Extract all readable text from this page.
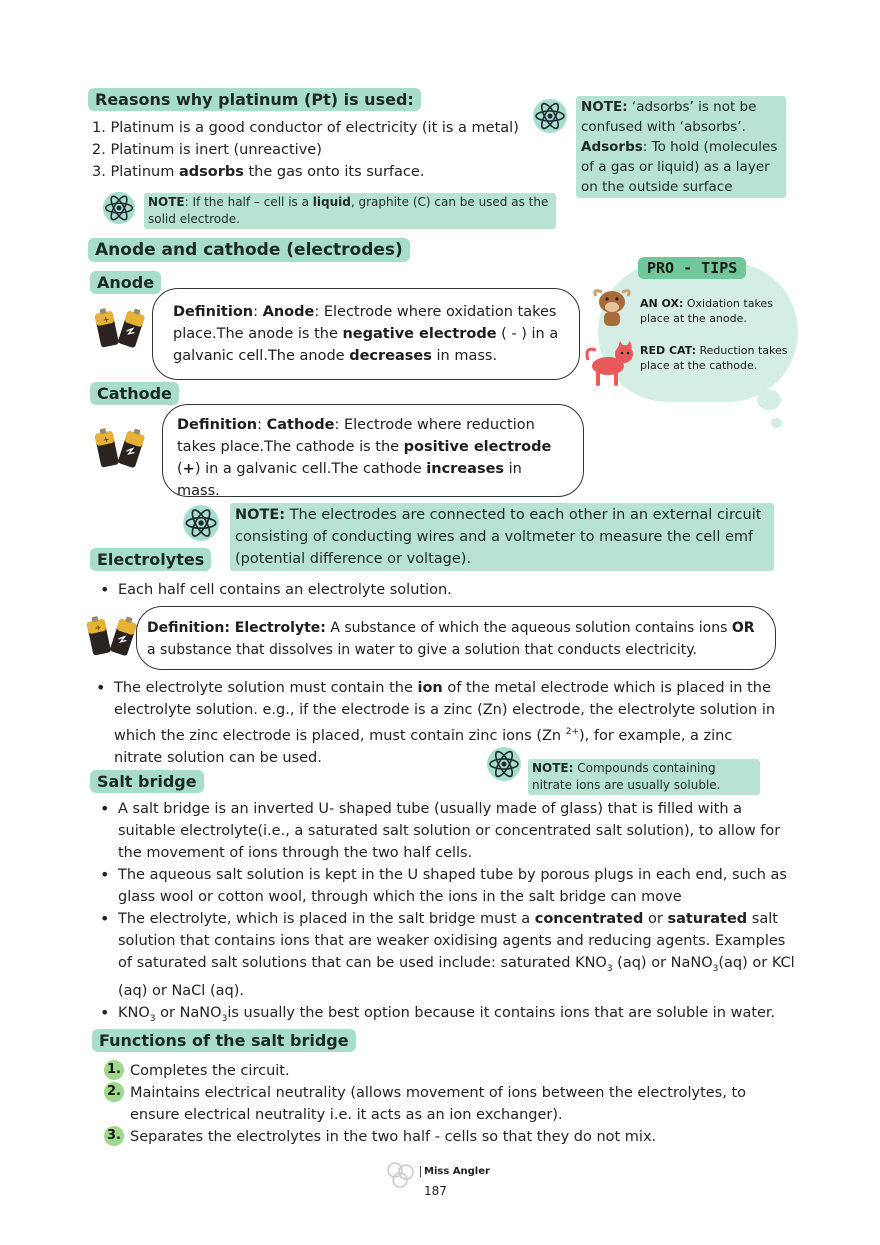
Reasons why platinum (Pt) is used:
1. Platinum is a good conductor of electricity (it is a metal)
2. Platinum is inert (unreactive)
3. Platinum adsorbs the gas onto its surface.
NOTE: ‘adsorbs’ is not be confused with ‘absorbs’. Adsorbs: To hold (molecules of a gas or liquid) as a layer on the outside surface
NOTE: If the half – cell is a liquid, graphite (C) can be used as the solid electrode.
Anode and cathode (electrodes)
Anode
+	Definition: Anode: Electrode where oxidation takes place.The anode is the negative electrode ( - ) in a galvanic cell.The anode decreases in mass.
PRO - TIPS
AN OX: Oxidation takes place at the anode.
RED CAT: Reduction takes place at the cathode.
Cathode
+
Definition: Cathode: Electrode where reduction takes place.The cathode is the positive electrode (+) in a galvanic cell.The cathode increases in mass.
NOTE: The electrodes are connected to each other in an external circuit consisting of conducting wires and a voltmeter to measure the cell emf (potential difference or voltage).
Electrolytes
• Each half cell contains an electrolyte solution.
+	Definition: Electrolyte: A substance of which the aqueous solution contains ions OR a substance that dissolves in water to give a solution that conducts electricity.
• The electrolyte solution must contain the ion of the metal electrode which is placed in the electrolyte solution. e.g., if the electrode is a zinc (Zn) electrode, the electrolyte solution in which the zinc electrode is placed, must contain zinc ions (Zn $^{2+}$), for example, a zinc nitrate solution can be used.
NOTE: Compounds containing nitrate ions are usually soluble.
Salt bridge
• A salt bridge is an inverted U- shaped tube (usually made of glass) that is filled with a suitable electrolyte(i.e., a saturated salt solution or concentrated salt solution), to allow for the movement of ions through the two half cells.
• The aqueous salt solution is kept in the U shaped tube by porous plugs in each end, such as glass wool or cotton wool, through which the ions in the salt bridge can move
• The electrolyte, which is placed in the salt bridge must a concentrated or saturated salt solution that contains ions that are weaker oxidising agents and reducing agents. Examples of saturated salt solutions that can be used include: saturated $KNO_3$ (aq) or NaNO$_3$(aq) or KCl (aq) or NaCl (aq).
• $KNO_3$ or NaNO$_3$is usually the best option because it contains ions that are soluble in water.
Functions of the salt bridge
1. Completes the circuit.
2. Maintains electrical neutrality (allows movement of ions between the electrolytes, to ensure electrical neutrality i.e. it acts as an ion exchanger).
3. Separates the electrolytes in the two half - cells so that they do not mix.
Miss Angler
187
